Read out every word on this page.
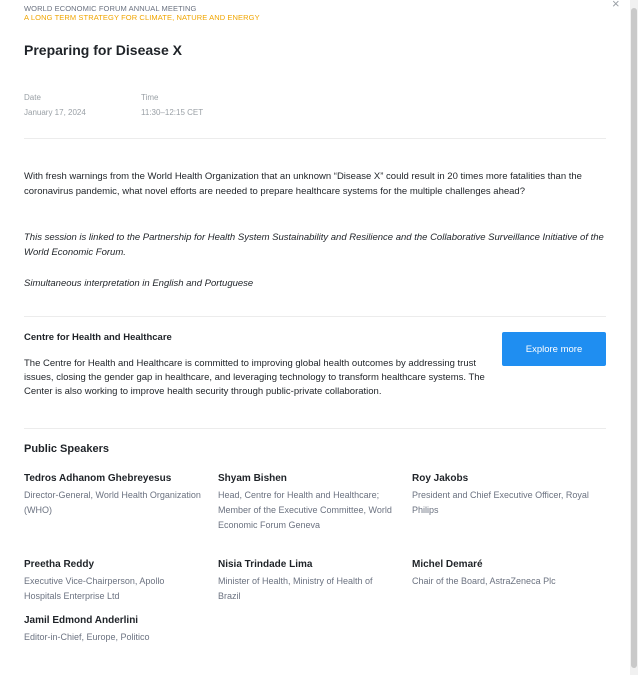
×
WORLD ECONOMIC FORUM ANNUAL MEETING
A LONG TERM STRATEGY FOR CLIMATE, NATURE AND ENERGY
Preparing for Disease X
Date
January 17, 2024
Time
11:30–12:15 CET

With fresh warnings from the World Health Organization that an unknown “Disease X” could result in 20 times more fatalities than the coronavirus pandemic, what novel efforts are needed to prepare healthcare systems for the multiple challenges ahead?

This session is linked to the Partnership for Health System Sustainability and Resilience and the Collaborative Surveillance Initiative of the World Economic Forum.

Simultaneous interpretation in English and Portuguese

Centre for Health and Healthcare

The Centre for Health and Healthcare is committed to improving global health outcomes by addressing trust issues, closing the gender gap in healthcare, and leveraging technology to transform healthcare systems. The Center is also working to improve health security through public-private collaboration.

Explore more
Public Speakers
Tedros Adhanom Ghebreyesus
Director-General, World Health Organization (WHO)
Shyam Bishen
Head, Centre for Health and Healthcare; Member of the Executive Committee, World Economic Forum Geneva
Roy Jakobs
President and Chief Executive Officer, Royal Philips
Preetha Reddy
Executive Vice-Chairperson, Apollo Hospitals Enterprise Ltd
Nisia Trindade Lima
Minister of Health, Ministry of Health of Brazil
Michel Demaré
Chair of the Board, AstraZeneca Plc
Jamil Edmond Anderlini
Editor-in-Chief, Europe, Politico
